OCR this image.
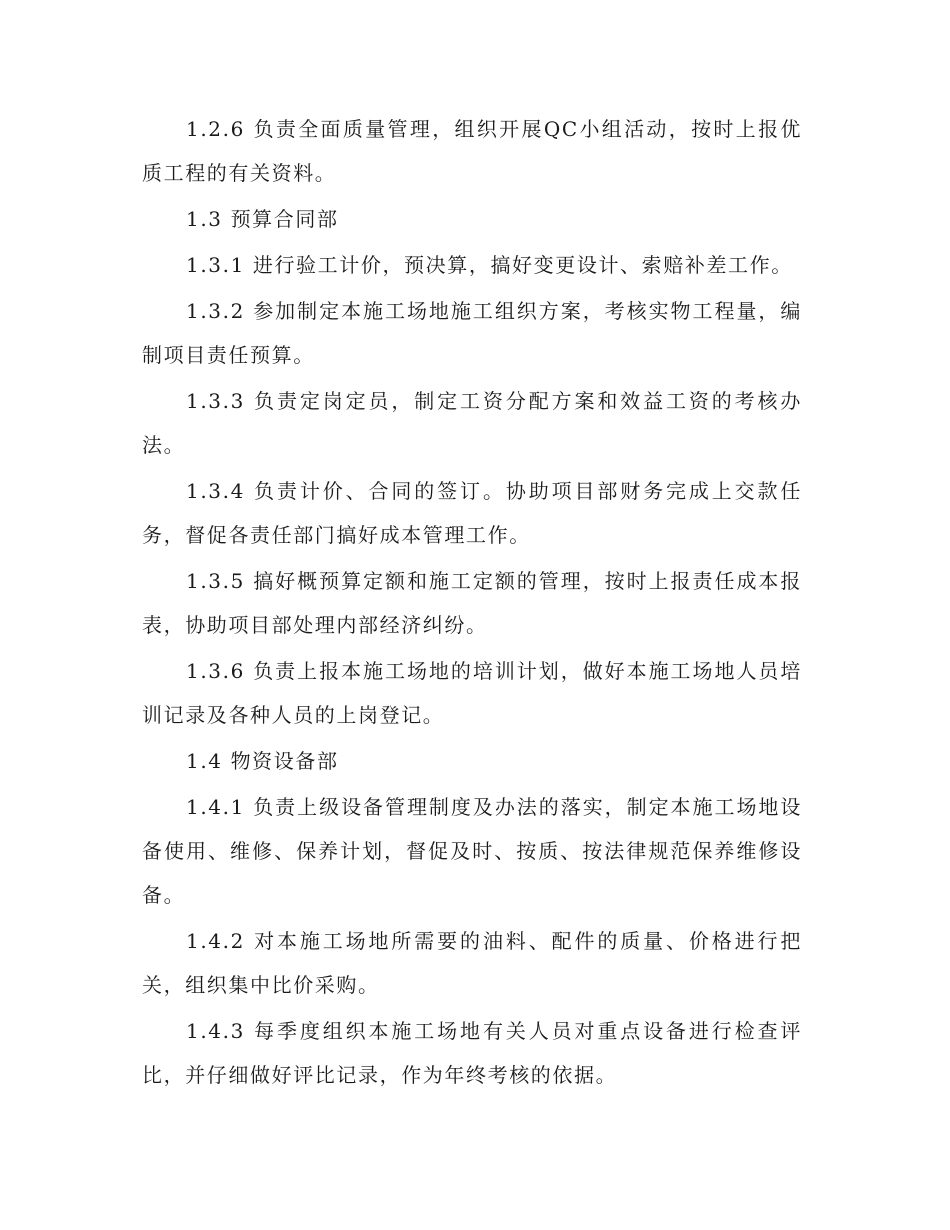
1.2.6 负责全面质量管理，组织开展QC小组活动，按时上报优质工程的有关资料。

1.3 预算合同部

1.3.1 进行验工计价，预决算，搞好变更设计、索赔补差工作。

1.3.2 参加制定本施工场地施工组织方案，考核实物工程量，编制项目责任预算。

1.3.3 负责定岗定员，制定工资分配方案和效益工资的考核办法。

1.3.4 负责计价、合同的签订。协助项目部财务完成上交款任务，督促各责任部门搞好成本管理工作。

1.3.5 搞好概预算定额和施工定额的管理，按时上报责任成本报表，协助项目部处理内部经济纠纷。

1.3.6 负责上报本施工场地的培训计划，做好本施工场地人员培训记录及各种人员的上岗登记。

1.4 物资设备部

1.4.1 负责上级设备管理制度及办法的落实，制定本施工场地设备使用、维修、保养计划，督促及时、按质、按法律规范保养维修设备。

1.4.2 对本施工场地所需要的油料、配件的质量、价格进行把关，组织集中比价采购。

1.4.3 每季度组织本施工场地有关人员对重点设备进行检查评比，并仔细做好评比记录，作为年终考核的依据。
